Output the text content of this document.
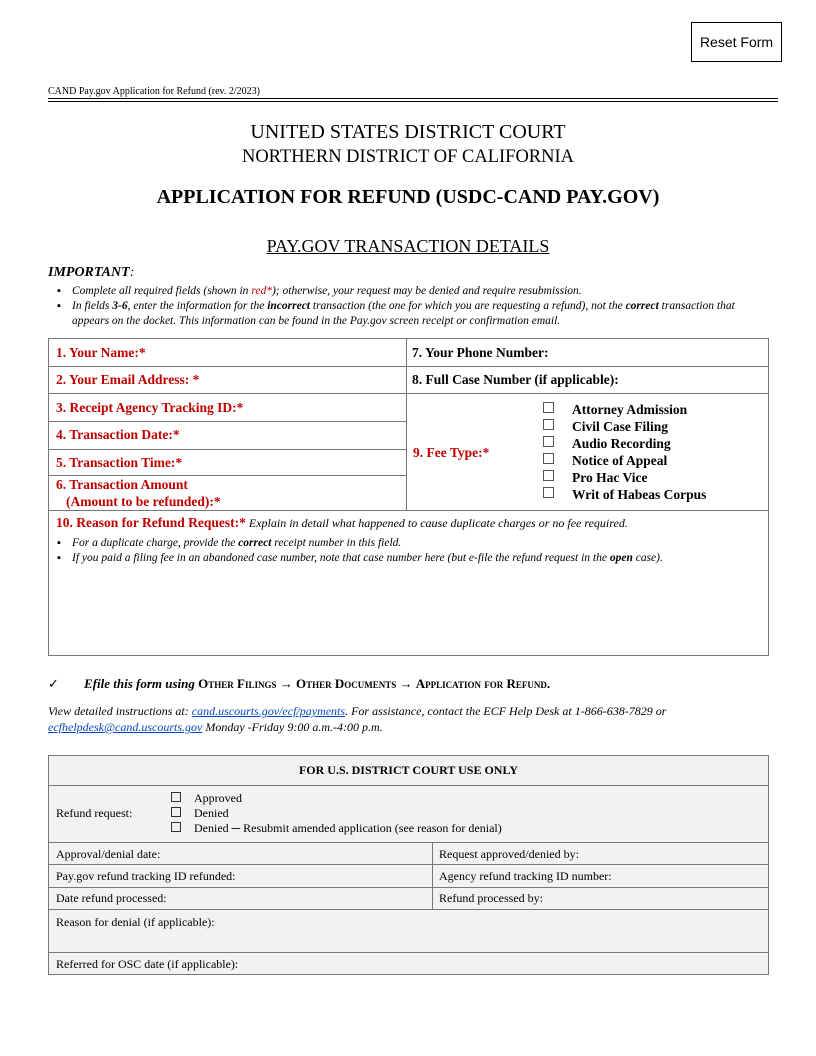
Reset Form
CAND Pay.gov Application for Refund (rev. 2/2023)
UNITED STATES DISTRICT COURT
NORTHERN DISTRICT OF CALIFORNIA
APPLICATION FOR REFUND (USDC-CAND PAY.GOV)
PAY.GOV TRANSACTION DETAILS
IMPORTANT:
▪ Complete all required fields (shown in red*); otherwise, your request may be denied and require resubmission.
▪ In fields 3-6, enter the information for the incorrect transaction (the one for which you are requesting a refund), not the correct transaction that appears on the docket. This information can be found in the Pay.gov screen receipt or confirmation email.
1. Your Name:*	7. Your Phone Number:
2. Your Email Address: *	8. Full Case Number (if applicable):
3. Receipt Agency Tracking ID:*
4. Transaction Date:*
5. Transaction Time:*
6. Transaction Amount
(Amount to be refunded):*
9. Fee Type:*
Attorney Admission
Civil Case Filing
Audio Recording
Notice of Appeal
Pro Hac Vice
Writ of Habeas Corpus
10. Reason for Refund Request:* Explain in detail what happened to cause duplicate charges or no fee required.
▪ For a duplicate charge, provide the correct receipt number in this field.
▪ If you paid a filing fee in an abandoned case number, note that case number here (but e-file the refund request in the open case).
✓ Efile this form using Other Filings → Other Documents → Application for Refund.
View detailed instructions at: cand.uscourts.gov/ecf/payments. For assistance, contact the ECF Help Desk at 1-866-638-7829 or ecfhelpdesk@cand.uscourts.gov Monday -Friday 9:00 a.m.-4:00 p.m.
FOR U.S. DISTRICT COURT USE ONLY
Refund request:
Approved
Denied
Denied ─ Resubmit amended application (see reason for denial)
Approval/denial date:	Request approved/denied by:
Pay.gov refund tracking ID refunded:	Agency refund tracking ID number:
Date refund processed:	Refund processed by:
Reason for denial (if applicable):
Referred for OSC date (if applicable):
